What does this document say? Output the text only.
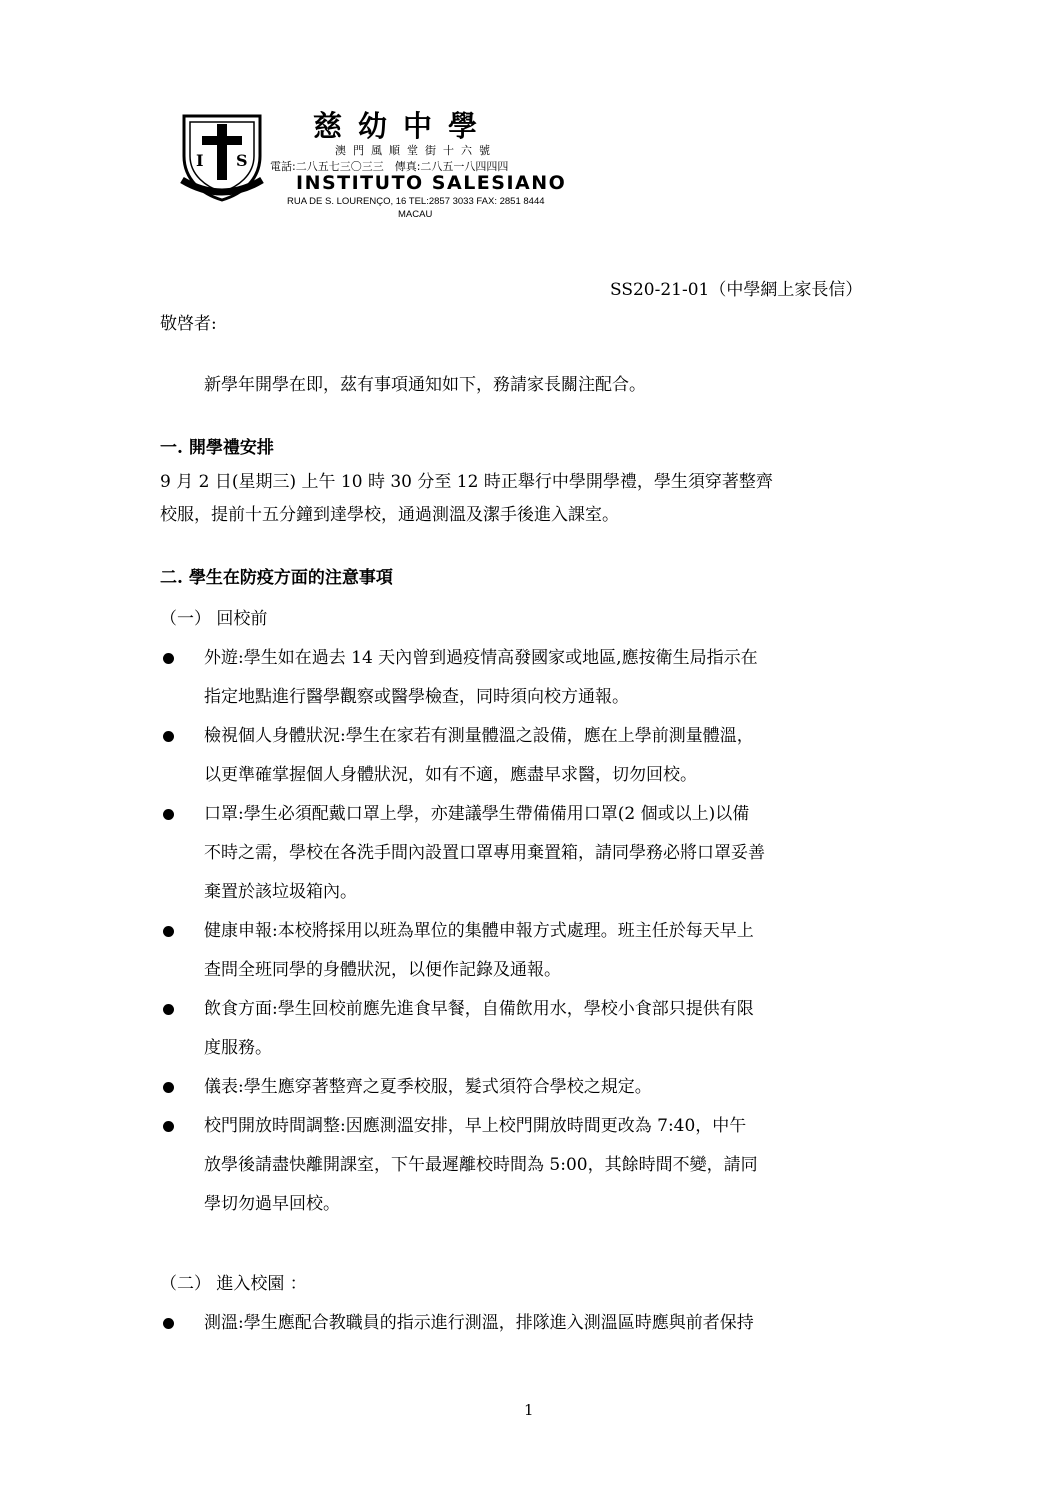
I S
慈幼中學
澳門風順堂街十六號
電話:二八五七三〇三三　傳真:二八五一八四四四
INSTITUTO SALESIANO
RUA DE S. LOURENÇO, 16 TEL:2857 3033 FAX: 2851 8444
MACAU
SS20-21-01（中學網上家長信）
敬啓者:
新學年開學在即，茲有事項通知如下，務請家長關注配合。
一. 開學禮安排
9 月 2 日(星期三) 上午 10 時 30 分至 12 時正舉行中學開學禮，學生須穿著整齊
校服，提前十五分鐘到達學校，通過測溫及潔手後進入課室。
二. 學生在防疫方面的注意事項
（一） 回校前
外遊:學生如在過去 14 天內曾到過疫情高發國家或地區,應按衛生局指示在
指定地點進行醫學觀察或醫學檢查，同時須向校方通報。
檢視個人身體狀況:學生在家若有測量體溫之設備，應在上學前測量體溫，
以更準確掌握個人身體狀況，如有不適，應盡早求醫，切勿回校。
口罩:學生必須配戴口罩上學，亦建議學生帶備備用口罩(2 個或以上)以備
不時之需，學校在各洗手間內設置口罩專用棄置箱，請同學務必將口罩妥善
棄置於該垃圾箱內。
健康申報:本校將採用以班為單位的集體申報方式處理。班主任於每天早上
查問全班同學的身體狀況，以便作記錄及通報。
飲食方面:學生回校前應先進食早餐，自備飲用水，學校小食部只提供有限
度服務。
儀表:學生應穿著整齊之夏季校服，髮式須符合學校之規定。
校門開放時間調整:因應測溫安排，早上校門開放時間更改為 7:40，中午
放學後請盡快離開課室，下午最遲離校時間為 5:00，其餘時間不變，請同
學切勿過早回校。
（二） 進入校園 ：
測溫:學生應配合教職員的指示進行測溫，排隊進入測溫區時應與前者保持
1
